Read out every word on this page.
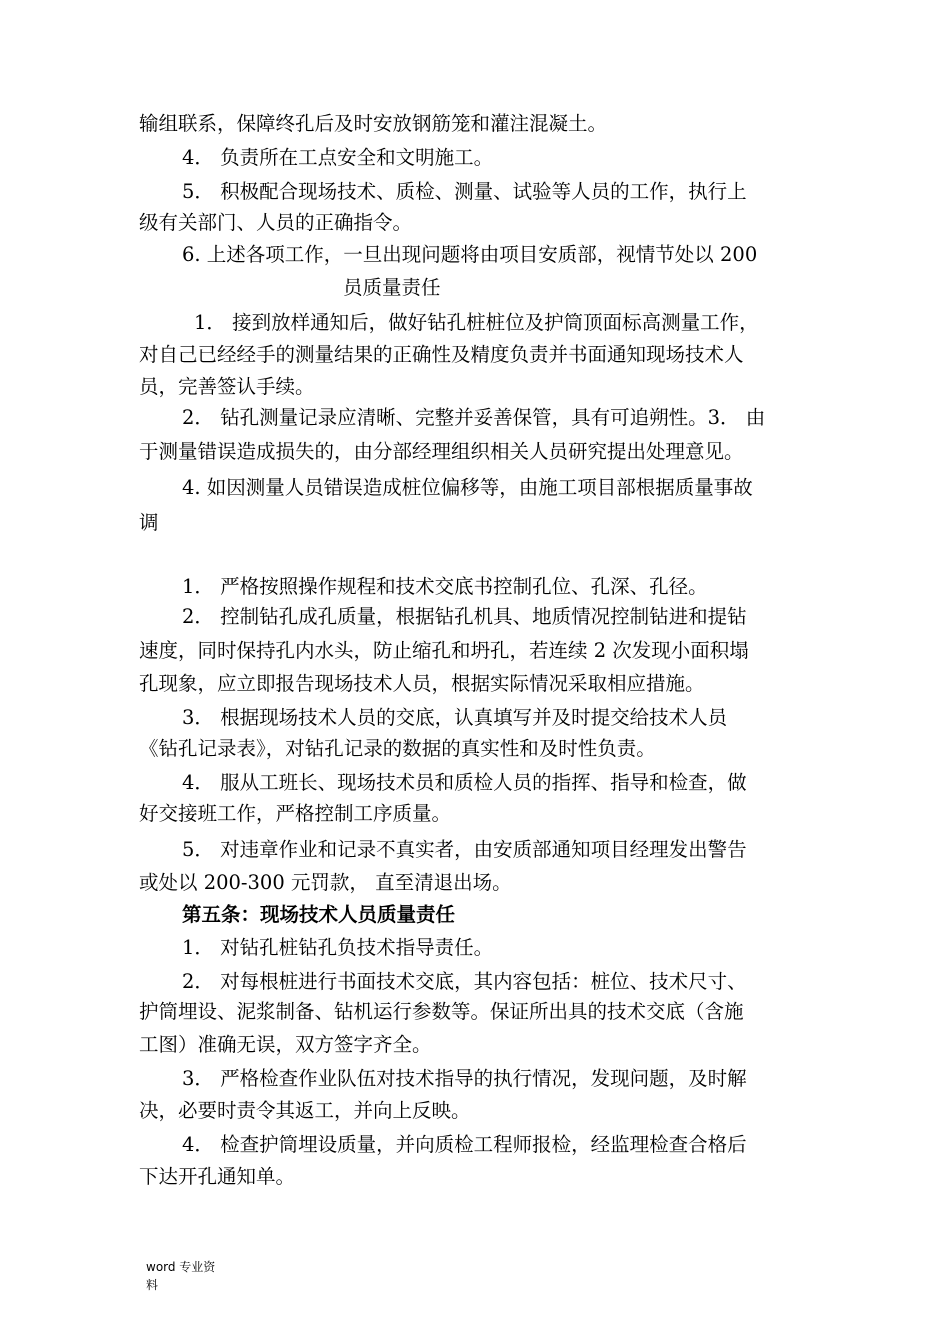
输组联系，保障终孔后及时安放钢筋笼和灌注混凝土。

4． 负责所在工点安全和文明施工。

5． 积极配合现场技术、质检、测量、试验等人员的工作，执行上

级有关部门、人员的正确指令。

6. 上述各项工作，一旦出现问题将由项目安质部，视情节处以 200

员质量责任

1． 接到放样通知后，做好钻孔桩桩位及护筒顶面标高测量工作，

对自己已经经手的测量结果的正确性及精度负责并书面通知现场技术人

员，完善签认手续。

2． 钻孔测量记录应清晰、完整并妥善保管，具有可追朔性。3． 由

于测量错误造成损失的，由分部经理组织相关人员研究提出处理意见。

4. 如因测量人员错误造成桩位偏移等，由施工项目部根据质量事故

调

1． 严格按照操作规程和技术交底书控制孔位、孔深、孔径。

2． 控制钻孔成孔质量，根据钻孔机具、地质情况控制钻进和提钻

速度，同时保持孔内水头，防止缩孔和坍孔，若连续 2 次发现小面积塌

孔现象，应立即报告现场技术人员，根据实际情况采取相应措施。

3． 根据现场技术人员的交底，认真填写并及时提交给技术人员

《钻孔记录表》，对钻孔记录的数据的真实性和及时性负责。

4． 服从工班长、现场技术员和质检人员的指挥、指导和检查，做

好交接班工作，严格控制工序质量。

5． 对违章作业和记录不真实者，由安质部通知项目经理发出警告

或处以 200-300 元罚款， 直至清退出场。

第五条：现场技术人员质量责任

1． 对钻孔桩钻孔负技术指导责任。

2． 对每根桩进行书面技术交底，其内容包括：桩位、技术尺寸、

护筒埋设、泥浆制备、钻机运行参数等。保证所出具的技术交底（含施

工图）准确无误，双方签字齐全。

3． 严格检查作业队伍对技术指导的执行情况，发现问题，及时解

决，必要时责令其返工，并向上反映。

4． 检查护筒埋设质量，并向质检工程师报检，经监理检查合格后

下达开孔通知单。

word 专业资
料
